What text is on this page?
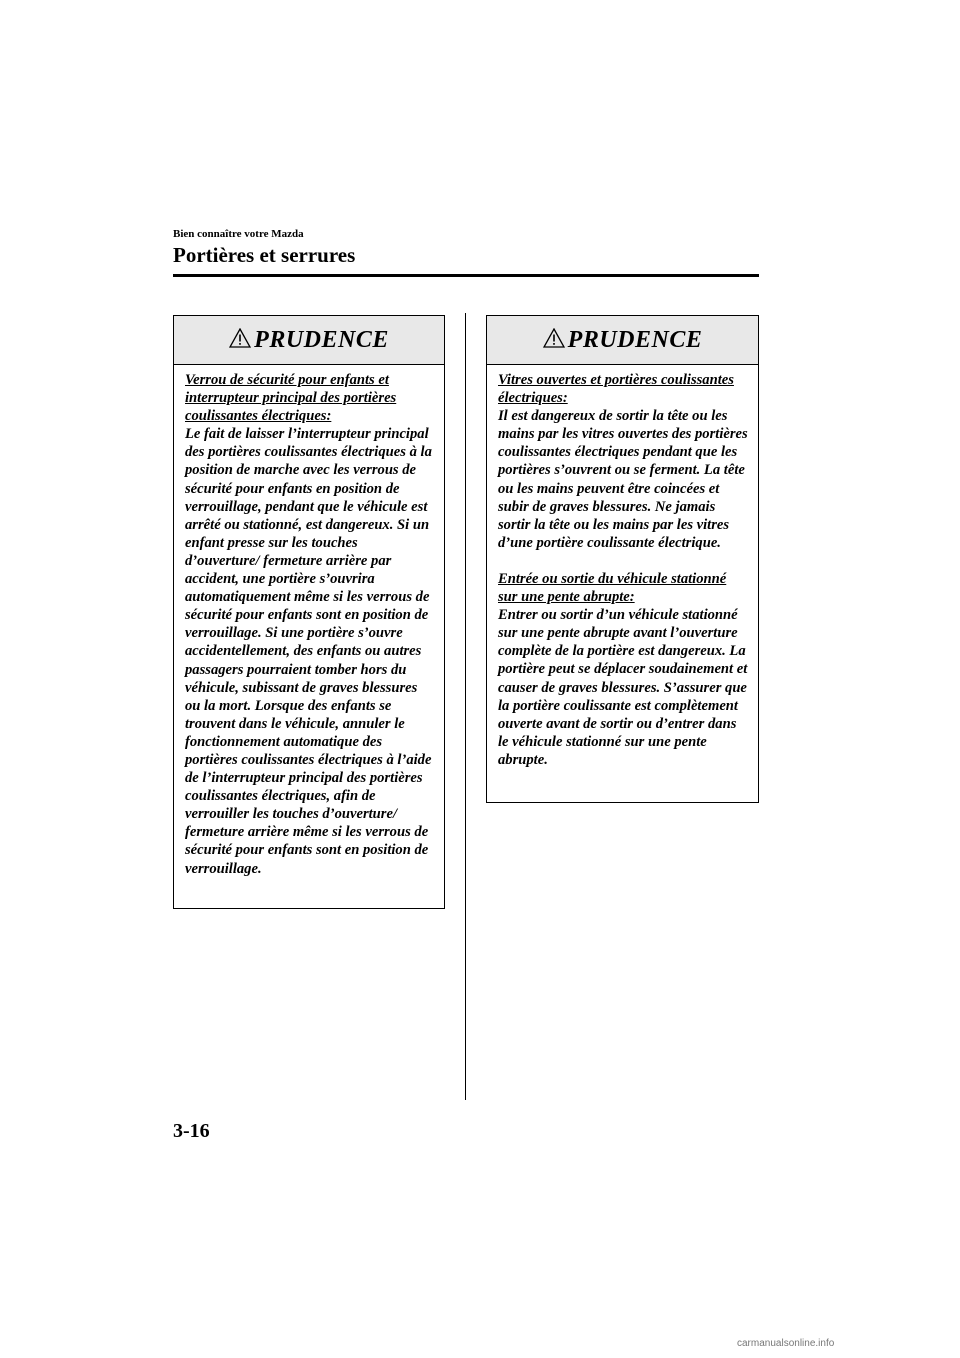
Bien connaître votre Mazda
Portières et serrures
PRUDENCE

Verrou de sécurité pour enfants et interrupteur principal des portières coulissantes électriques:

Le fait de laisser l’interrupteur principal des portières coulissantes électriques à la position de marche avec les verrous de sécurité pour enfants en position de verrouillage, pendant que le véhicule est arrêté ou stationné, est dangereux. Si un enfant presse sur les touches d’ouverture/ fermeture arrière par accident, une portière s’ouvrira automatiquement même si les verrous de sécurité pour enfants sont en position de verrouillage. Si une portière s’ouvre accidentellement, des enfants ou autres passagers pourraient tomber hors du véhicule, subissant de graves blessures ou la mort. Lorsque des enfants se trouvent dans le véhicule, annuler le fonctionnement automatique des portières coulissantes électriques à l’aide de l’interrupteur principal des portières coulissantes électriques, afin de verrouiller les touches d’ouverture/ fermeture arrière même si les verrous de sécurité pour enfants sont en position de verrouillage.

PRUDENCE

Vitres ouvertes et portières coulissantes électriques:

Il est dangereux de sortir la tête ou les mains par les vitres ouvertes des portières coulissantes électriques pendant que les portières s’ouvrent ou se ferment. La tête ou les mains peuvent être coincées et subir de graves blessures. Ne jamais sortir la tête ou les mains par les vitres d’une portière coulissante électrique.

Entrée ou sortie du véhicule stationné sur une pente abrupte:

Entrer ou sortir d’un véhicule stationné sur une pente abrupte avant l’ouverture complète de la portière est dangereux. La portière peut se déplacer soudainement et causer de graves blessures. S’assurer que la portière coulissante est complètement ouverte avant de sortir ou d’entrer dans le véhicule stationné sur une pente abrupte.

3-16
carmanualsonline.info
